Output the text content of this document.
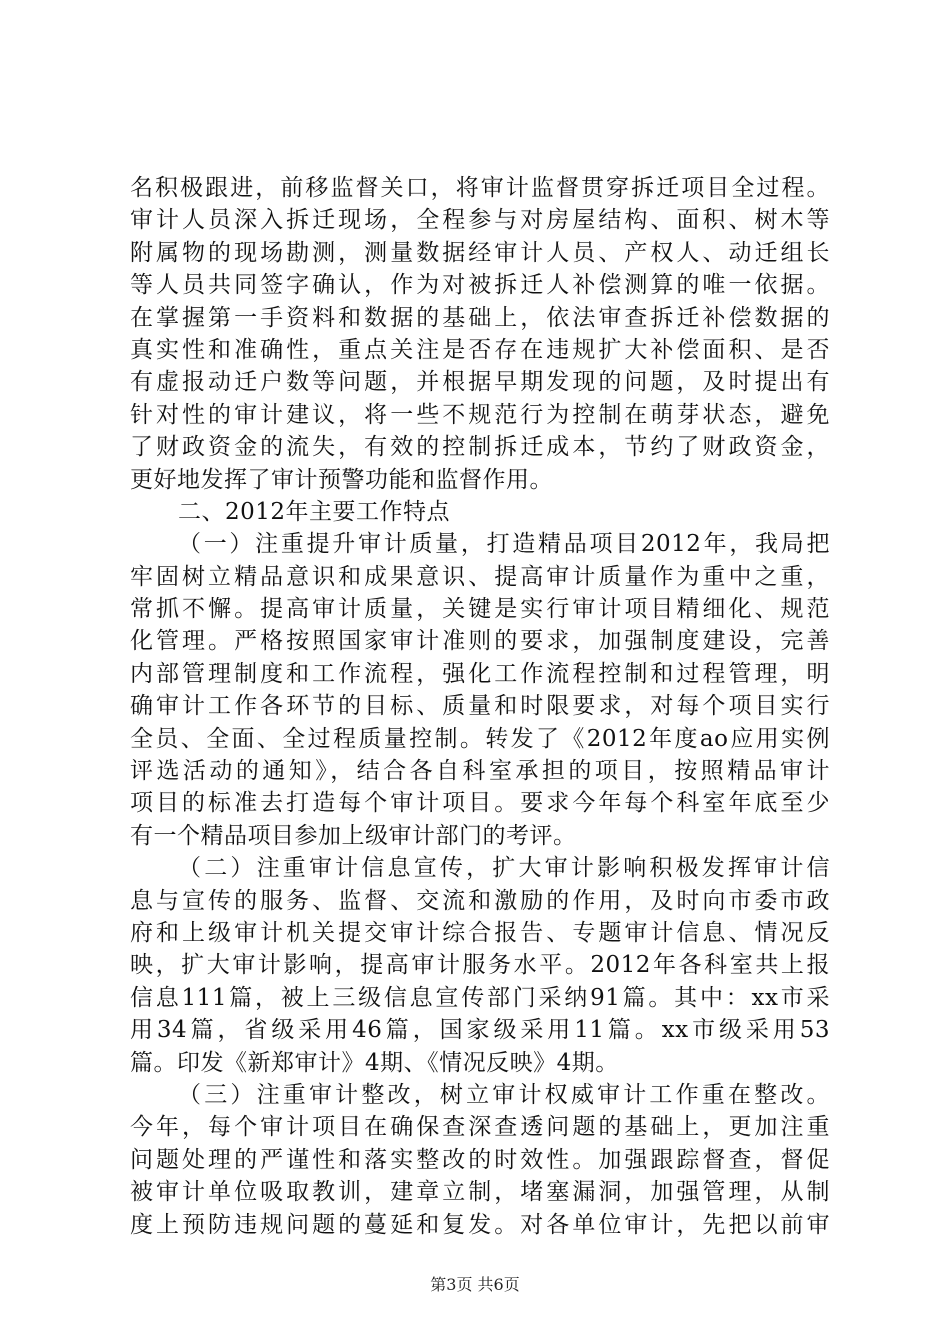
名积极跟进，前移监督关口，将审计监督贯穿拆迁项目全过程。
审计人员深入拆迁现场，全程参与对房屋结构、面积、树木等
附属物的现场勘测，测量数据经审计人员、产权人、动迁组长
等人员共同签字确认，作为对被拆迁人补偿测算的唯一依据。
在掌握第一手资料和数据的基础上，依法审查拆迁补偿数据的
真实性和准确性，重点关注是否存在违规扩大补偿面积、是否
有虚报动迁户数等问题，并根据早期发现的问题，及时提出有
针对性的审计建议，将一些不规范行为控制在萌芽状态，避免
了财政资金的流失，有效的控制拆迁成本，节约了财政资金，
更好地发挥了审计预警功能和监督作用。
二、2012年主要工作特点
（一）注重提升审计质量，打造精品项目2012年，我局把
牢固树立精品意识和成果意识、提高审计质量作为重中之重，
常抓不懈。提高审计质量，关键是实行审计项目精细化、规范
化管理。严格按照国家审计准则的要求，加强制度建设，完善
内部管理制度和工作流程，强化工作流程控制和过程管理，明
确审计工作各环节的目标、质量和时限要求，对每个项目实行
全员、全面、全过程质量控制。转发了《2012年度ao应用实例
评选活动的通知》，结合各自科室承担的项目，按照精品审计
项目的标准去打造每个审计项目。要求今年每个科室年底至少
有一个精品项目参加上级审计部门的考评。
（二）注重审计信息宣传，扩大审计影响积极发挥审计信
息与宣传的服务、监督、交流和激励的作用，及时向市委市政
府和上级审计机关提交审计综合报告、专题审计信息、情况反
映，扩大审计影响，提高审计服务水平。2012年各科室共上报
信息111篇，被上三级信息宣传部门采纳91篇。其中：xx市采
用34篇，省级采用46篇，国家级采用11篇。xx市级采用53
篇。印发《新郑审计》4期、《情况反映》4期。
（三）注重审计整改，树立审计权威审计工作重在整改。
今年，每个审计项目在确保查深查透问题的基础上，更加注重
问题处理的严谨性和落实整改的时效性。加强跟踪督查，督促
被审计单位吸取教训，建章立制，堵塞漏洞，加强管理，从制
度上预防违规问题的蔓延和复发。对各单位审计，先把以前审
第3页 共6页
